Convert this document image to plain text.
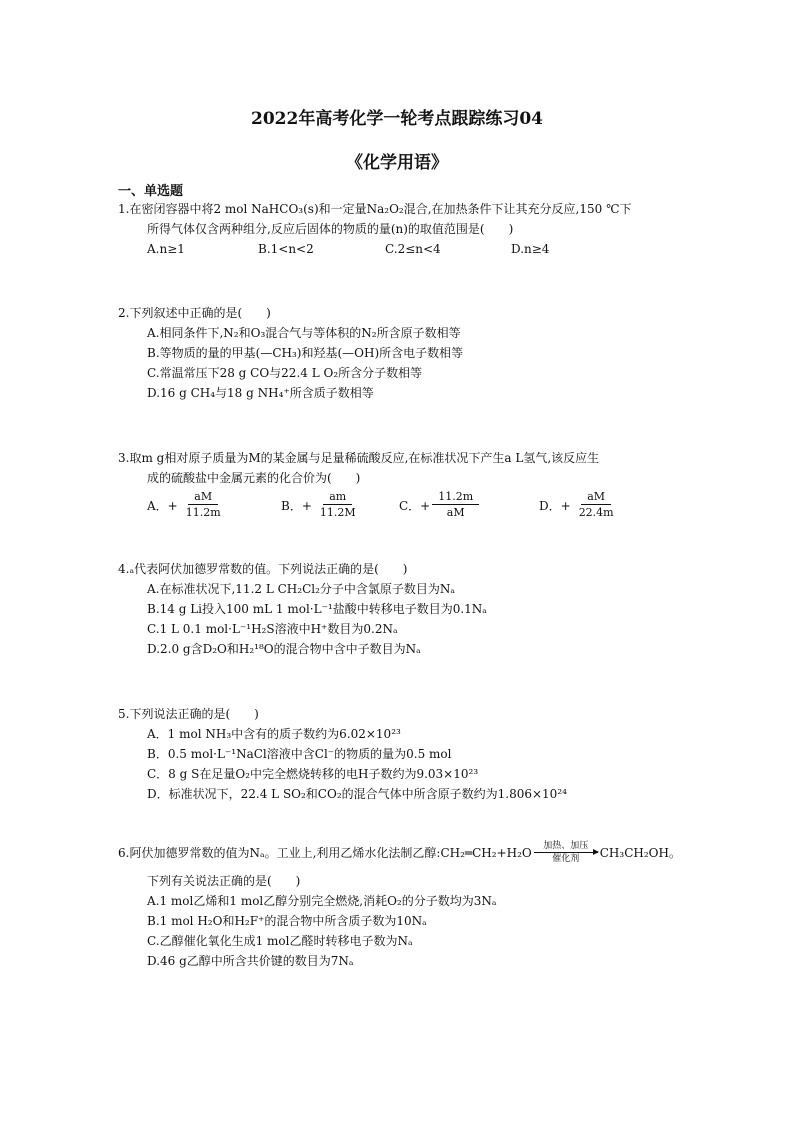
2022年高考化学一轮考点跟踪练习04
《化学用语》
一、单选题
1.在密闭容器中将2 mol NaHCO₃(s)和一定量Na₂O₂混合,在加热条件下让其充分反应,150 ℃下
所得气体仅含两种组分,反应后固体的物质的量(n)的取值范围是(　　)
A.n≥1	B.1<n<2	C.2≤n<4	D.n≥4
2.下列叙述中正确的是(　　)
A.相同条件下,N₂和O₃混合气与等体积的N₂所含原子数相等
B.等物质的量的甲基(—CH₃)和羟基(—OH)所含电子数相等
C.常温常压下28 g CO与22.4 L O₂所含分子数相等
D.16 g CH₄与18 g NH₄⁺所含质子数相等
3.取m g相对原子质量为M的某金属与足量稀硫酸反应,在标准状况下产生a L氢气,该反应生
成的硫酸盐中金属元素的化合价为(　　)
A．+ $\frac{aM}{11.2m}$	B．+ $\frac{am}{11.2M}$	C．+ $\frac{11.2m}{aM}$	D．+ $\frac{aM}{22.4m}$
4.ₐ代表阿伏加德罗常数的值。下列说法正确的是(　　)
A.在标准状况下,11.2 L CH₂Cl₂分子中含氯原子数目为Nₐ
B.14 g Li投入100 mL 1 mol·L⁻¹盐酸中转移电子数目为0.1Nₐ
C.1 L 0.1 mol·L⁻¹H₂S溶液中H⁺数目为0.2Nₐ
D.2.0 g含D₂O和H₂¹⁸O的混合物中含中子数目为Nₐ
5.下列说法正确的是(　　)
A．1 mol NH₃中含有的质子数约为6.02×10²³
B．0.5 mol·L⁻¹NaCl溶液中含Cl⁻的物质的量为0.5 mol
C．8 g S在足量O₂中完全燃烧转移的电H子数约为9.03×10²³
D．标准状况下，22.4 L SO₂和CO₂的混合气体中所含原子数约为1.806×10²⁴
6.阿伏加德罗常数的值为Nₐ。工业上,利用乙烯水化法制乙醇:CH₂═CH₂+H₂O 加热、加压
催化剂 CH₃CH₂OH。
下列有关说法正确的是(　　)
A.1 mol乙烯和1 mol乙醇分别完全燃烧,消耗O₂的分子数均为3Nₐ
B.1 mol H₂O和H₂F⁺的混合物中所含质子数为10Nₐ
C.乙醇催化氧化生成1 mol乙醛时转移电子数为Nₐ
D.46 g乙醇中所含共价键的数目为7Nₐ
